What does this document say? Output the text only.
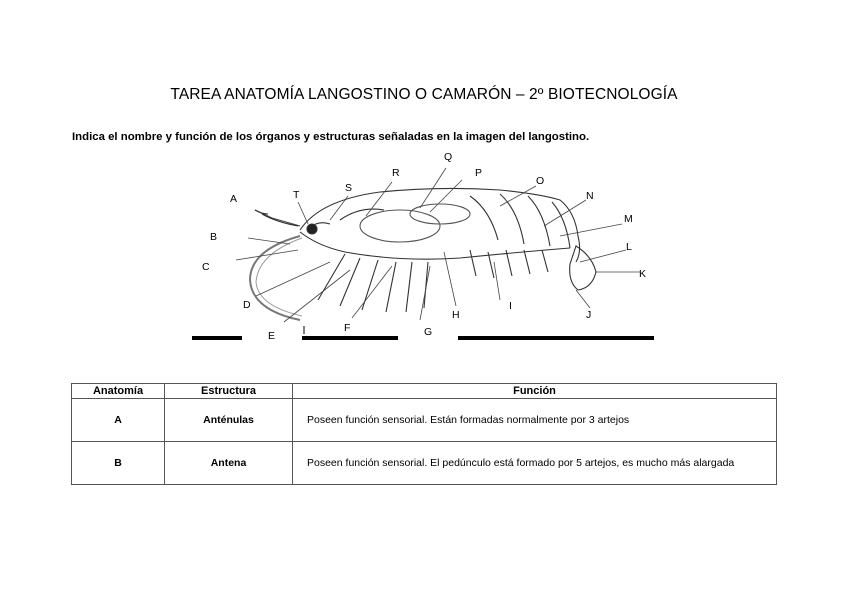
TAREA ANATOMÍA LANGOSTINO O CAMARÓN – 2º BIOTECNOLOGÍA
Indica el nombre y función de los órganos y estructuras señaladas en la imagen del langostino.
A
B
C
D
E
F	G
H
I
J
K
L
M
N
O
P
Q
R
S
T
Anatomía	Estructura	Función
A	Anténulas	Poseen función sensorial. Están formadas normalmente por 3 artejos
B	Antena	Poseen función sensorial. El pedúnculo está formado por 5 artejos, es mucho más alargada
